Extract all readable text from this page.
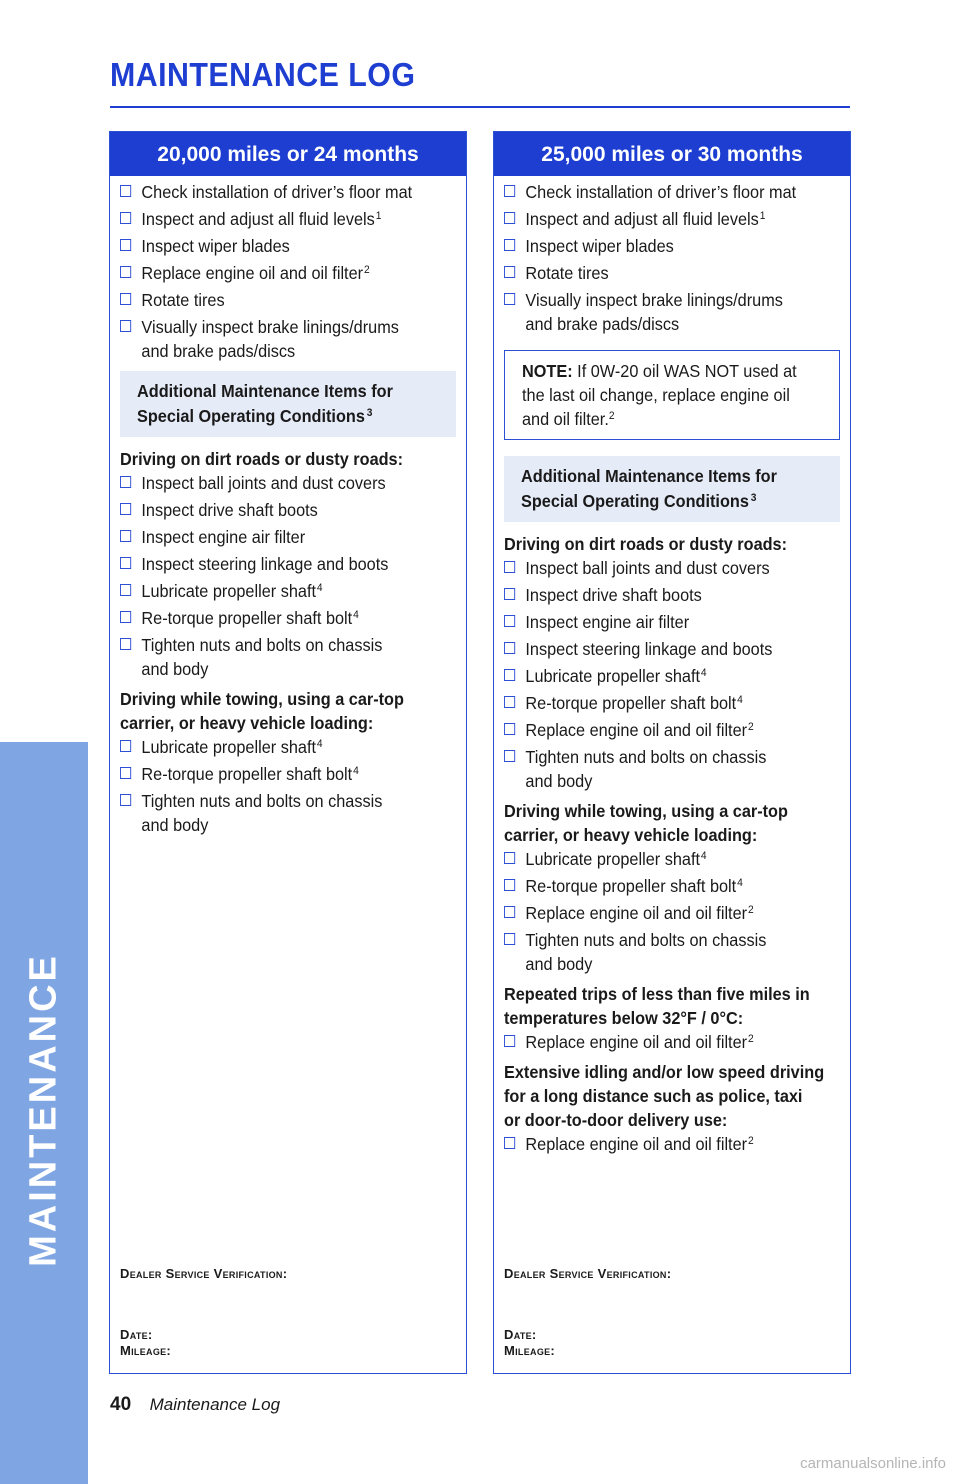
MAINTENANCE
MAINTENANCE LOG
20,000 miles or 24 months
Check installation of driver’s floor mat
Inspect and adjust all fluid levels$^1$
Inspect wiper blades
Replace engine oil and oil filter$^2$
Rotate tires
Visually inspect brake linings/drums
and brake pads/discs
Additional Maintenance Items for
Special Operating Conditions $^3$
Driving on dirt roads or dusty roads:
Inspect ball joints and dust covers
Inspect drive shaft boots
Inspect engine air filter
Inspect steering linkage and boots
Lubricate propeller shaft$^4$
Re-torque propeller shaft bolt$^4$
Tighten nuts and bolts on chassis
and body
Driving while towing, using a car-top
carrier, or heavy vehicle loading:
Lubricate propeller shaft$^4$
Re-torque propeller shaft bolt$^4$
Tighten nuts and bolts on chassis
and body
Dealer Service Verification:
Date:
Mileage:
25,000 miles or 30 months
Check installation of driver’s floor mat
Inspect and adjust all fluid levels$^1$
Inspect wiper blades
Rotate tires
Visually inspect brake linings/drums
and brake pads/discs
NOTE: If 0W-20 oil WAS NOT used at
the last oil change, replace engine oil
and oil filter.$^2$
Additional Maintenance Items for
Special Operating Conditions $^3$
Driving on dirt roads or dusty roads:
Inspect ball joints and dust covers
Inspect drive shaft boots
Inspect engine air filter
Inspect steering linkage and boots
Lubricate propeller shaft$^4$
Re-torque propeller shaft bolt$^4$
Replace engine oil and oil filter$^2$
Tighten nuts and bolts on chassis
and body
Driving while towing, using a car-top
carrier, or heavy vehicle loading:
Lubricate propeller shaft$^4$
Re-torque propeller shaft bolt$^4$
Replace engine oil and oil filter$^2$
Tighten nuts and bolts on chassis
and body
Repeated trips of less than five miles in
temperatures below 32°F / 0°C:
Replace engine oil and oil filter$^2$
Extensive idling and/or low speed driving
for a long distance such as police, taxi
or door-to-door delivery use:
Replace engine oil and oil filter$^2$
Dealer Service Verification:
Date:
Mileage:
40 Maintenance Log
carmanualsonline.info
